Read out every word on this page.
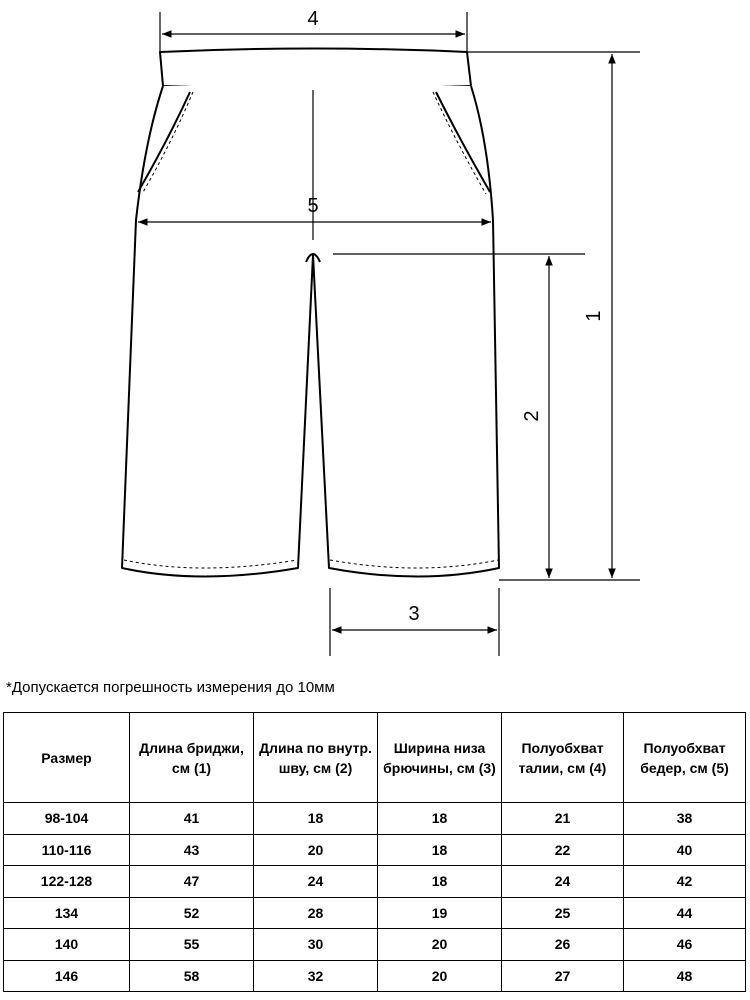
4
5
1
2
3
*Допускается погрешность измерения до 10мм
Размер	Длина бриджи, см (1)	Длина по внутр. шву, см (2)	Ширина низа брючины, см (3)	Полуобхват талии, см (4)	Полуобхват бедер, см (5)
98-104	41	18	18	21	38
110-116	43	20	18	22	40
122-128	47	24	18	24	42
134	52	28	19	25	44
140	55	30	20	26	46
146	58	32	20	27	48
